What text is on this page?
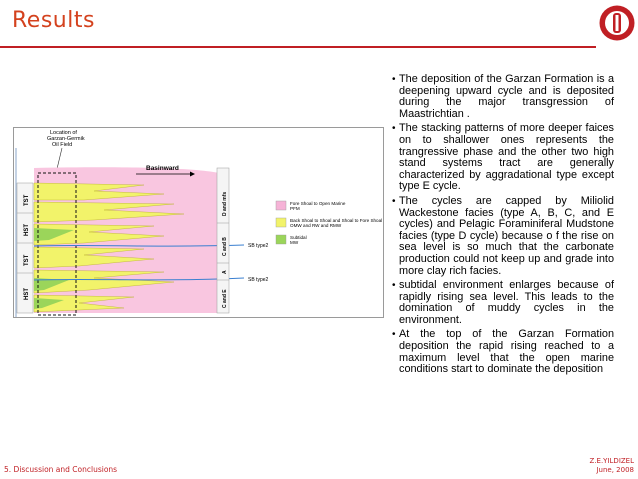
Results
Location of
Garzan-Germik
Oil Field
TST
HST
TST
HST
Basinward
SB type2
SB type2
D and mfs
C and B
A
C and E
Fore Shoal to Open Marine
PFM
Back Shoal to Shoal and Shoal to Fore Shoal
OMW and RW and RMW
Subtidal
MW
• The deposition of the Garzan Formation is a deepening upward cycle and is deposited during the major transgression of Maastrichtian .
• The stacking patterns of more deeper faices on to shallower ones represents the trangressive phase and the other two high stand systems tract are generally characterized by aggradational type except type E cycle.
• The cycles are capped by Miliolid Wackestone facies (type A, B, C, and E cycles) and Pelagic Foraminiferal Mudstone facies (type D cycle) because o f the rise on sea level is so much that the carbonate production could not keep up and grade into more clay rich facies.
• subtidal environment enlarges because of rapidly rising sea level. This leads to the domination of muddy cycles in the environment.
• At the top of the Garzan Formation deposition the rapid rising reached to a maximum level that the open marine conditions start to dominate the deposition
5. Discussion and Conclusions
Z.E.YILDIZEL
June, 2008
